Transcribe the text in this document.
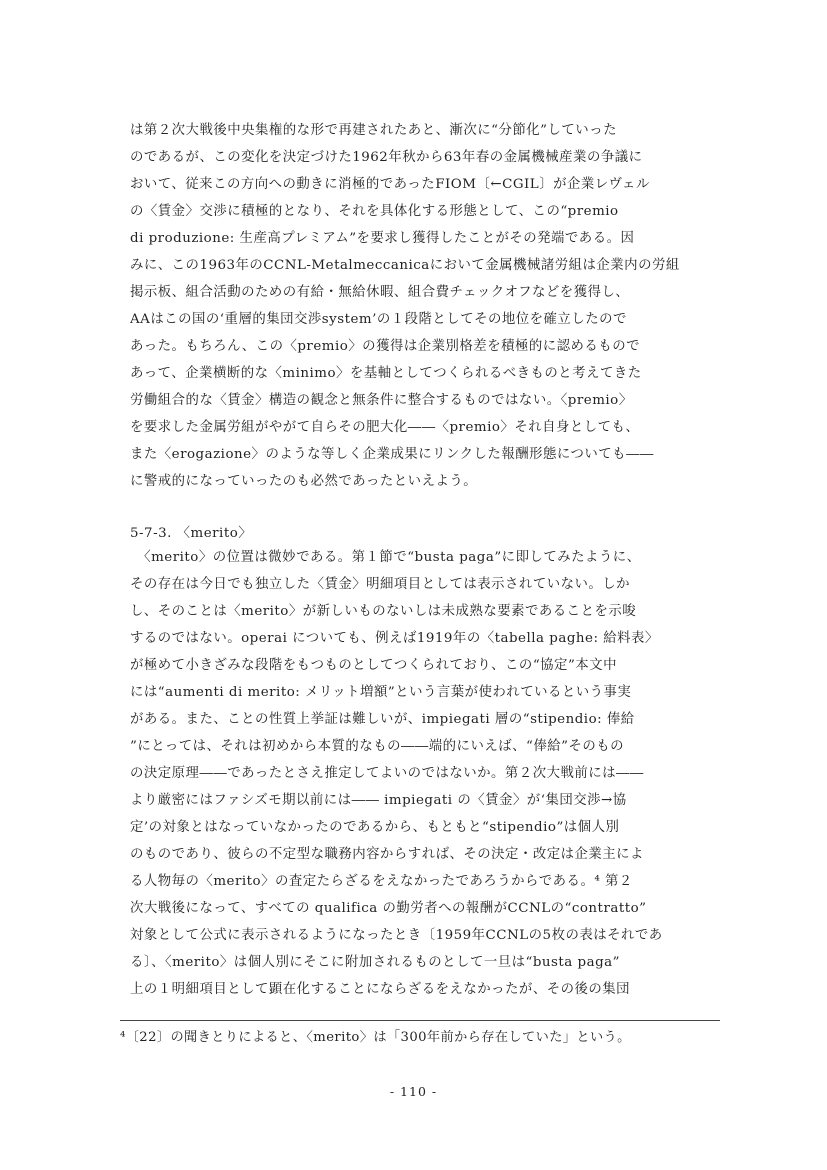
は第２次大戦後中央集権的な形で再建されたあと、漸次に“分節化”していった
のであるが、この変化を決定づけた1962年秋から63年春の金属機械産業の争議に
おいて、従来この方向への動きに消極的であったFIOM〔←CGIL〕が企業レヴェル
の〈賃金〉交渉に積極的となり、それを具体化する形態として、この“premio
di produzione: 生産高プレミアム”を要求し獲得したことがその発端である。因
みに、この1963年のCCNL-Metalmeccanicaにおいて金属機械諸労組は企業内の労組
掲示板、組合活動のための有給・無給休暇、組合費チェックオフなどを獲得し、
AAはこの国の‘重層的集団交渉system’の１段階としてその地位を確立したので
あった。もちろん、この〈premio〉の獲得は企業別格差を積極的に認めるもので
あって、企業横断的な〈minimo〉を基軸としてつくられるべきものと考えてきた
労働組合的な〈賃金〉構造の観念と無条件に整合するものではない。〈premio〉
を要求した金属労組がやがて自らその肥大化――〈premio〉それ自身としても、
また〈erogazione〉のような等しく企業成果にリンクした報酬形態についても――
に警戒的になっていったのも必然であったといえよう。
5-7-3. 〈merito〉
　〈merito〉の位置は微妙である。第１節で“busta paga”に即してみたように、
その存在は今日でも独立した〈賃金〉明細項目としては表示されていない。しか
し、そのことは〈merito〉が新しいものないしは未成熟な要素であることを示唆
するのではない。operai についても、例えば1919年の〈tabella paghe: 給料表〉
が極めて小きざみな段階をもつものとしてつくられており、この“協定”本文中
には“aumenti di merito: メリット増額”という言葉が使われているという事実
がある。また、ことの性質上挙証は難しいが、impiegati 層の“stipendio: 俸給
”にとっては、それは初めから本質的なもの――端的にいえば、“俸給”そのもの
の決定原理――であったとさえ推定してよいのではないか。第２次大戦前には――
より厳密にはファシズモ期以前には―― impiegati の〈賃金〉が‘集団交渉→協
定’の対象とはなっていなかったのであるから、もともと“stipendio”は個人別
のものであり、彼らの不定型な職務内容からすれば、その決定・改定は企業主によ
る人物毎の〈merito〉の査定たらざるをえなかったであろうからである。⁴ 第２
次大戦後になって、すべての qualifica の勤労者への報酬がCCNLの“contratto”
対象として公式に表示されるようになったとき〔1959年CCNLの5枚の表はそれであ
る〕、〈merito〉は個人別にそこに附加されるものとして一旦は“busta paga”
上の１明細項目として顕在化することにならざるをえなかったが、その後の集団
⁴〔22〕の聞きとりによると、〈merito〉は「300年前から存在していた」という。
- 110 -
